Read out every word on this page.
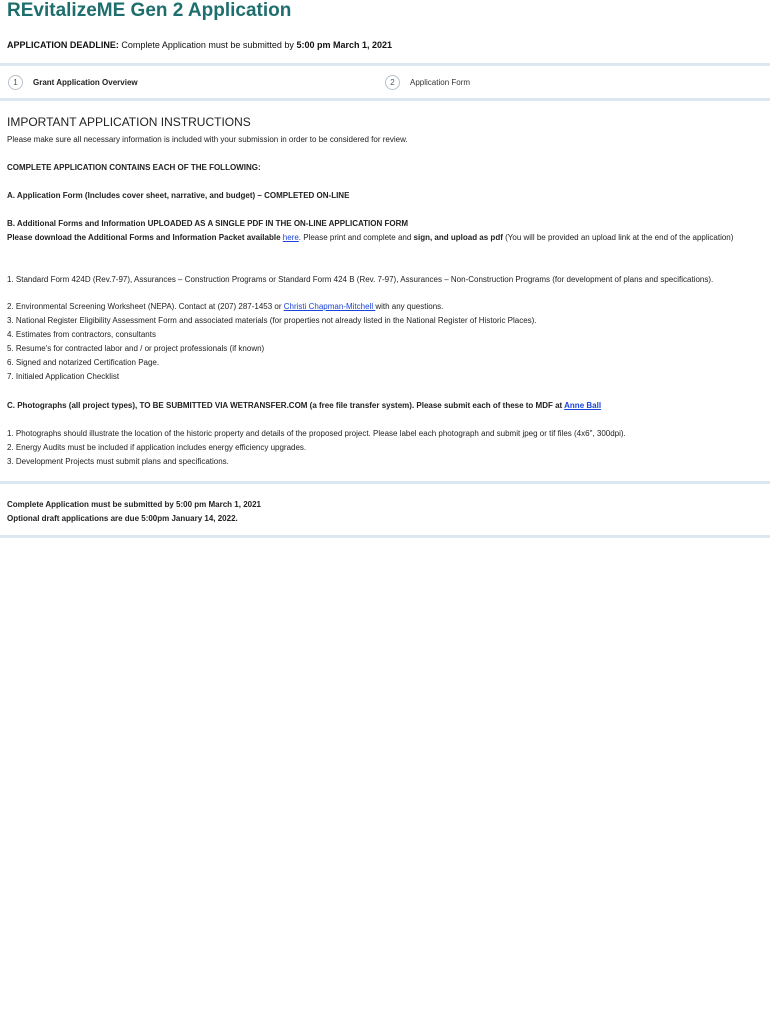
REvitalizeME Gen 2 Application
APPLICATION DEADLINE: Complete Application must be submitted by 5:00 pm March 1, 2021
1	Grant Application Overview	2	Application Form
IMPORTANT APPLICATION INSTRUCTIONS
Please make sure all necessary information is included with your submission in order to be considered for review.
COMPLETE APPLICATION CONTAINS EACH OF THE FOLLOWING:
A. Application Form (Includes cover sheet, narrative, and budget) – COMPLETED ON-LINE
B. Additional Forms and Information UPLOADED AS A SINGLE PDF IN THE ON-LINE APPLICATION FORM
Please download the Additional Forms and Information Packet available here. Please print and complete and sign, and upload as pdf (You will be provided an upload link at the end of the application)
1. Standard Form 424D (Rev.7-97), Assurances – Construction Programs or Standard Form 424 B (Rev. 7-97), Assurances – Non-Construction Programs (for development of plans and specifications).
2. Environmental Screening Worksheet (NEPA). Contact at (207) 287-1453 or Christi Chapman-Mitchell with any questions.
3. National Register Eligibility Assessment Form and associated materials (for properties not already listed in the National Register of Historic Places).
4. Estimates from contractors, consultants
5. Resume's for contracted labor and / or project professionals (if known)
6. Signed and notarized Certification Page.
7. Initialed Application Checklist
C. Photographs (all project types), TO BE SUBMITTED VIA WETRANSFER.COM (a free file transfer system). Please submit each of these to MDF at Anne Ball
1. Photographs should illustrate the location of the historic property and details of the proposed project. Please label each photograph and submit jpeg or tif files (4x6", 300dpi).
2. Energy Audits must be included if application includes energy efficiency upgrades.
3. Development Projects must submit plans and specifications.
Complete Application must be submitted by 5:00 pm March 1, 2021
Optional draft applications are due 5:00pm January 14, 2022.
